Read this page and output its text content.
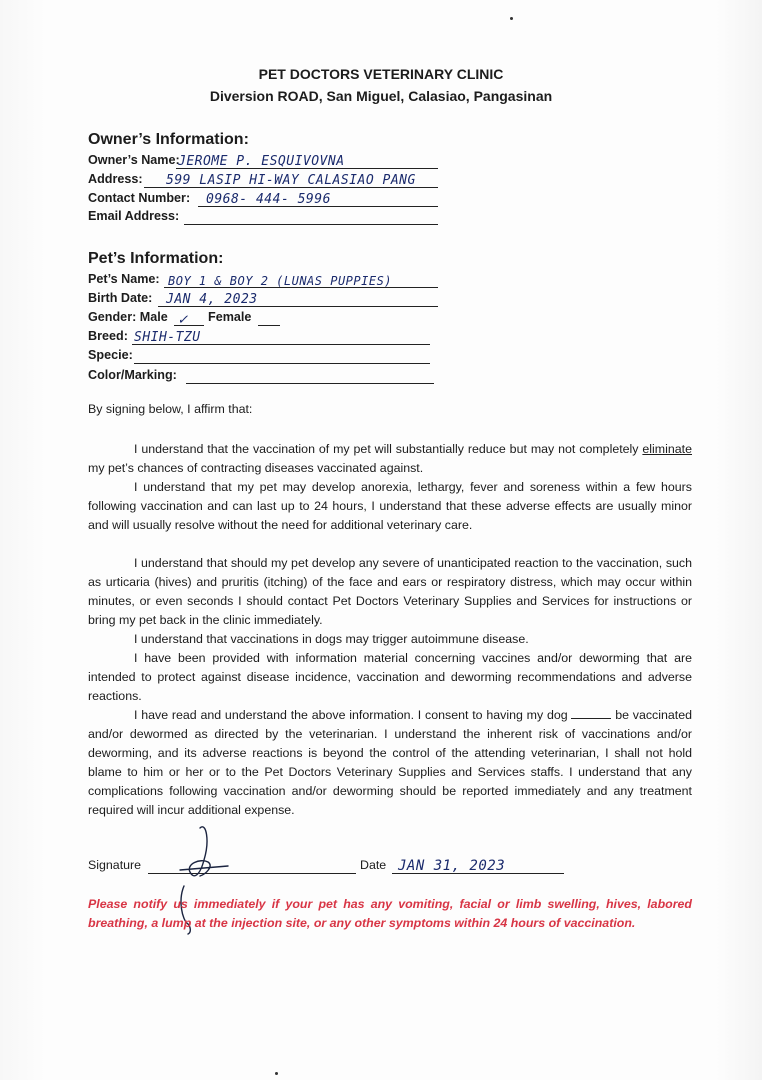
PET DOCTORS VETERINARY CLINIC
Diversion ROAD, San Miguel, Calasiao, Pangasinan
Owner’s Information:
Owner’s Name:
JEROME P. ESQUIVOVNA
Address: 599 LASIP HI-WAY CALASIAO PANG
Contact Number: 0968- 444- 5996
Email Address:
Pet’s Information:
Pet’s Name: BOY 1 & BOY 2 (LUNAS PUPPIES)
Birth Date: JAN 4, 2023
Gender: Male ✓ Female
Breed: SHIH-TZU
Specie:
Color/Marking:
By signing below, I affirm that:
I understand that the vaccination of my pet will substantially reduce but may not completely eliminate my pet’s chances of contracting diseases vaccinated against.
I understand that my pet may develop anorexia, lethargy, fever and soreness within a few hours following vaccination and can last up to 24 hours, I understand that these adverse effects are usually minor and will usually resolve without the need for additional veterinary care.
I understand that should my pet develop any severe of unanticipated reaction to the vaccination, such as urticaria (hives) and pruritis (itching) of the face and ears or respiratory distress, which may occur within minutes, or even seconds I should contact Pet Doctors Veterinary Supplies and Services for instructions or bring my pet back in the clinic immediately.
I understand that vaccinations in dogs may trigger autoimmune disease.
I have been provided with information material concerning vaccines and/or deworming that are intended to protect against disease incidence, vaccination and deworming recommendations and adverse reactions.
I have read and understand the above information. I consent to having my dog	be vaccinated and/or dewormed as directed by the veterinarian. I understand the inherent risk of vaccinations and/or deworming, and its adverse reactions is beyond the control of the attending veterinarian, I shall not hold blame to him or her or to the Pet Doctors Veterinary Supplies and Services staffs. I understand that any complications following vaccination and/or deworming should be reported immediately and any treatment required will incur additional expense.
Signature	Date JAN 31, 2023
Please notify us immediately if your pet has any vomiting, facial or limb swelling, hives, labored breathing, a lump at the injection site, or any other symptoms within 24 hours of vaccination.
